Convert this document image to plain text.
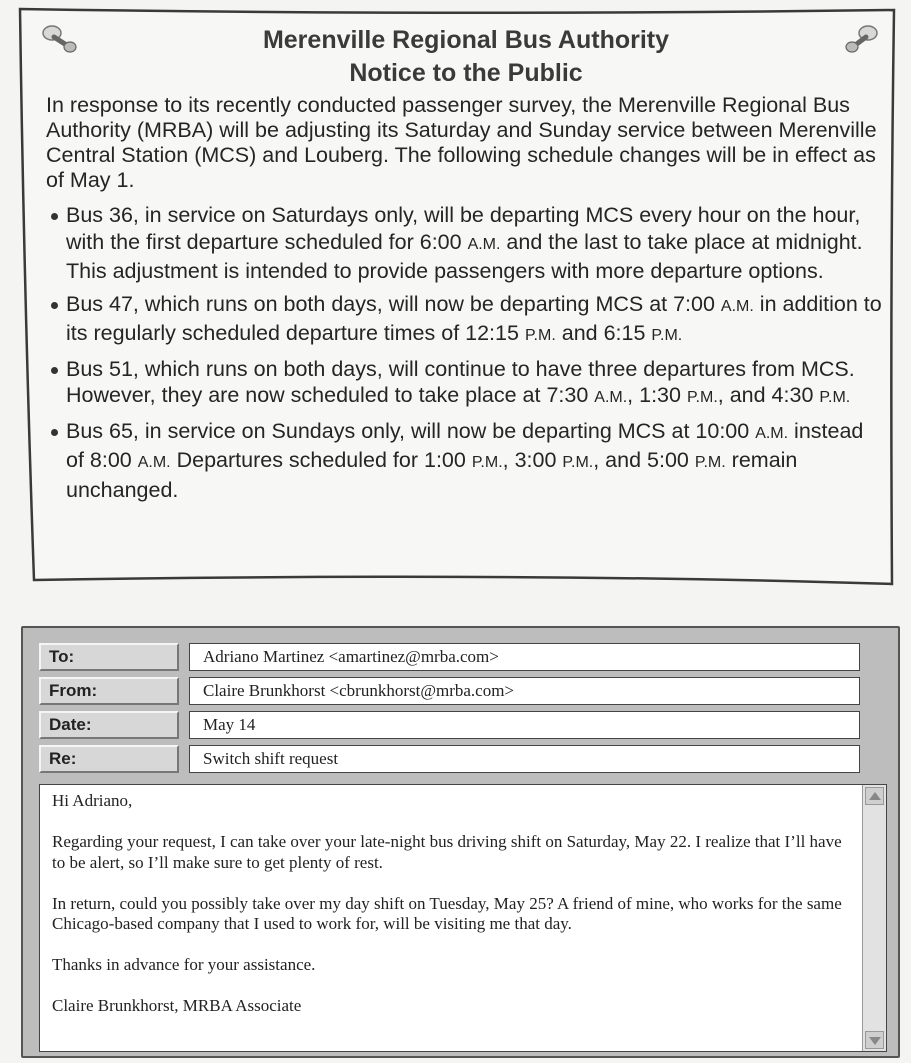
Merenville Regional Bus Authority
Notice to the Public

In response to its recently conducted passenger survey, the Merenville Regional Bus Authority (MRBA) will be adjusting its Saturday and Sunday service between Merenville Central Station (MCS) and Louberg. The following schedule changes will be in effect as of May 1.

Bus 36, in service on Saturdays only, will be departing MCS every hour on the hour, with the first departure scheduled for 6:00 A.M. and the last to take place at midnight. This adjustment is intended to provide passengers with more departure options.
Bus 47, which runs on both days, will now be departing MCS at 7:00 A.M. in addition to its regularly scheduled departure times of 12:15 P.M. and 6:15 P.M.
Bus 51, which runs on both days, will continue to have three departures from MCS. However, they are now scheduled to take place at 7:30 A.M., 1:30 P.M., and 4:30 P.M.
Bus 65, in service on Sundays only, will now be departing MCS at 10:00 A.M. instead of 8:00 A.M. Departures scheduled for 1:00 P.M., 3:00 P.M., and 5:00 P.M. remain unchanged.
To:	Adriano Martinez <amartinez@mrba.com>
From:	Claire Brunkhorst <cbrunkhorst@mrba.com>
Date:	May 14
Re:	Switch shift request

Hi Adriano,

Regarding your request, I can take over your late-night bus driving shift on Saturday, May 22. I realize that I’ll have to be alert, so I’ll make sure to get plenty of rest.

In return, could you possibly take over my day shift on Tuesday, May 25? A friend of mine, who works for the same Chicago-based company that I used to work for, will be visiting me that day.

Thanks in advance for your assistance.

Claire Brunkhorst, MRBA Associate
